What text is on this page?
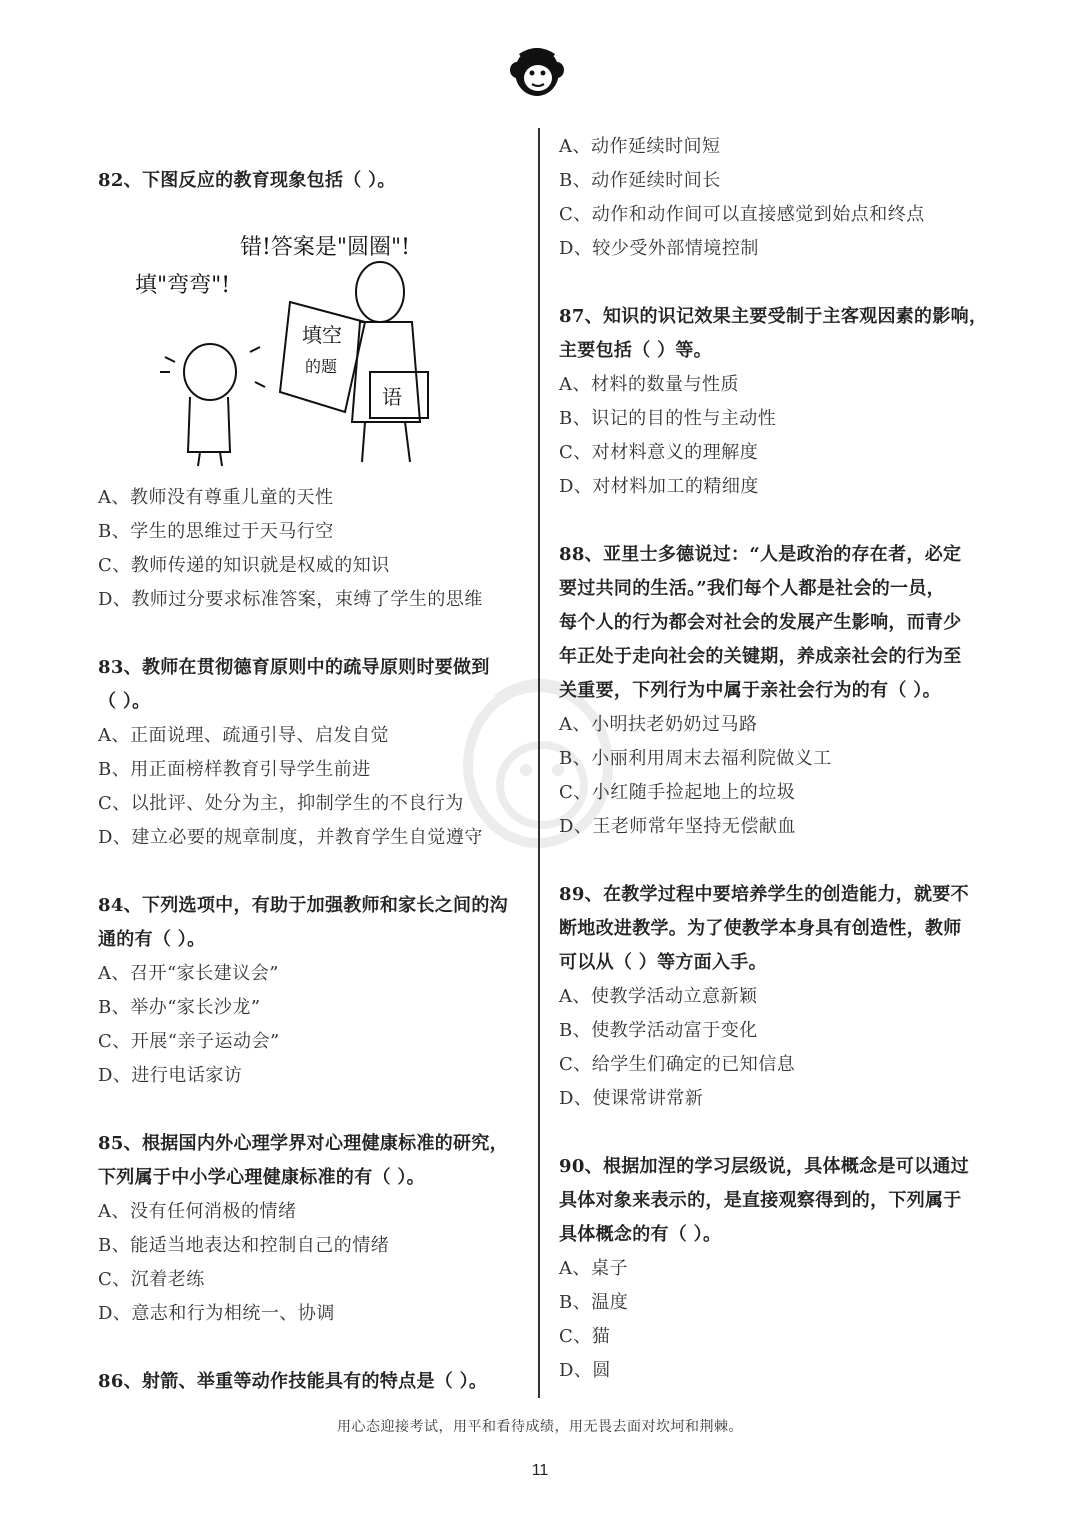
82、下图反应的教育现象包括（ ）。
错!答案是"圆圈"!
填"弯弯"!
填空
的题
语
A、教师没有尊重儿童的天性
B、学生的思维过于天马行空
C、教师传递的知识就是权威的知识
D、教师过分要求标准答案，束缚了学生的思维
83、教师在贯彻德育原则中的疏导原则时要做到
（ ）。
A、正面说理、疏通引导、启发自觉
B、用正面榜样教育引导学生前进
C、以批评、处分为主，抑制学生的不良行为
D、建立必要的规章制度，并教育学生自觉遵守
84、下列选项中，有助于加强教师和家长之间的沟
通的有（ ）。
A、召开“家长建议会”
B、举办“家长沙龙”
C、开展“亲子运动会”
D、进行电话家访
85、根据国内外心理学界对心理健康标准的研究，
下列属于中小学心理健康标准的有（ ）。
A、没有任何消极的情绪
B、能适当地表达和控制自己的情绪
C、沉着老练
D、意志和行为相统一、协调
86、射箭、举重等动作技能具有的特点是（ ）。
A、动作延续时间短
B、动作延续时间长
C、动作和动作间可以直接感觉到始点和终点
D、较少受外部情境控制
87、知识的识记效果主要受制于主客观因素的影响，
主要包括（ ）等。
A、材料的数量与性质
B、识记的目的性与主动性
C、对材料意义的理解度
D、对材料加工的精细度
88、亚里士多德说过：“人是政治的存在者，必定
要过共同的生活。”我们每个人都是社会的一员，
每个人的行为都会对社会的发展产生影响，而青少
年正处于走向社会的关键期，养成亲社会的行为至
关重要，下列行为中属于亲社会行为的有（ ）。
A、小明扶老奶奶过马路
B、小丽利用周末去福利院做义工
C、小红随手捡起地上的垃圾
D、王老师常年坚持无偿献血
89、在教学过程中要培养学生的创造能力，就要不
断地改进教学。为了使教学本身具有创造性，教师
可以从（ ）等方面入手。
A、使教学活动立意新颖
B、使教学活动富于变化
C、给学生们确定的已知信息
D、使课常讲常新
90、根据加涅的学习层级说，具体概念是可以通过
具体对象来表示的，是直接观察得到的，下列属于
具体概念的有（ ）。
A、桌子
B、温度
C、猫
D、圆
用心态迎接考试，用平和看待成绩，用无畏去面对坎坷和荆棘。
11
